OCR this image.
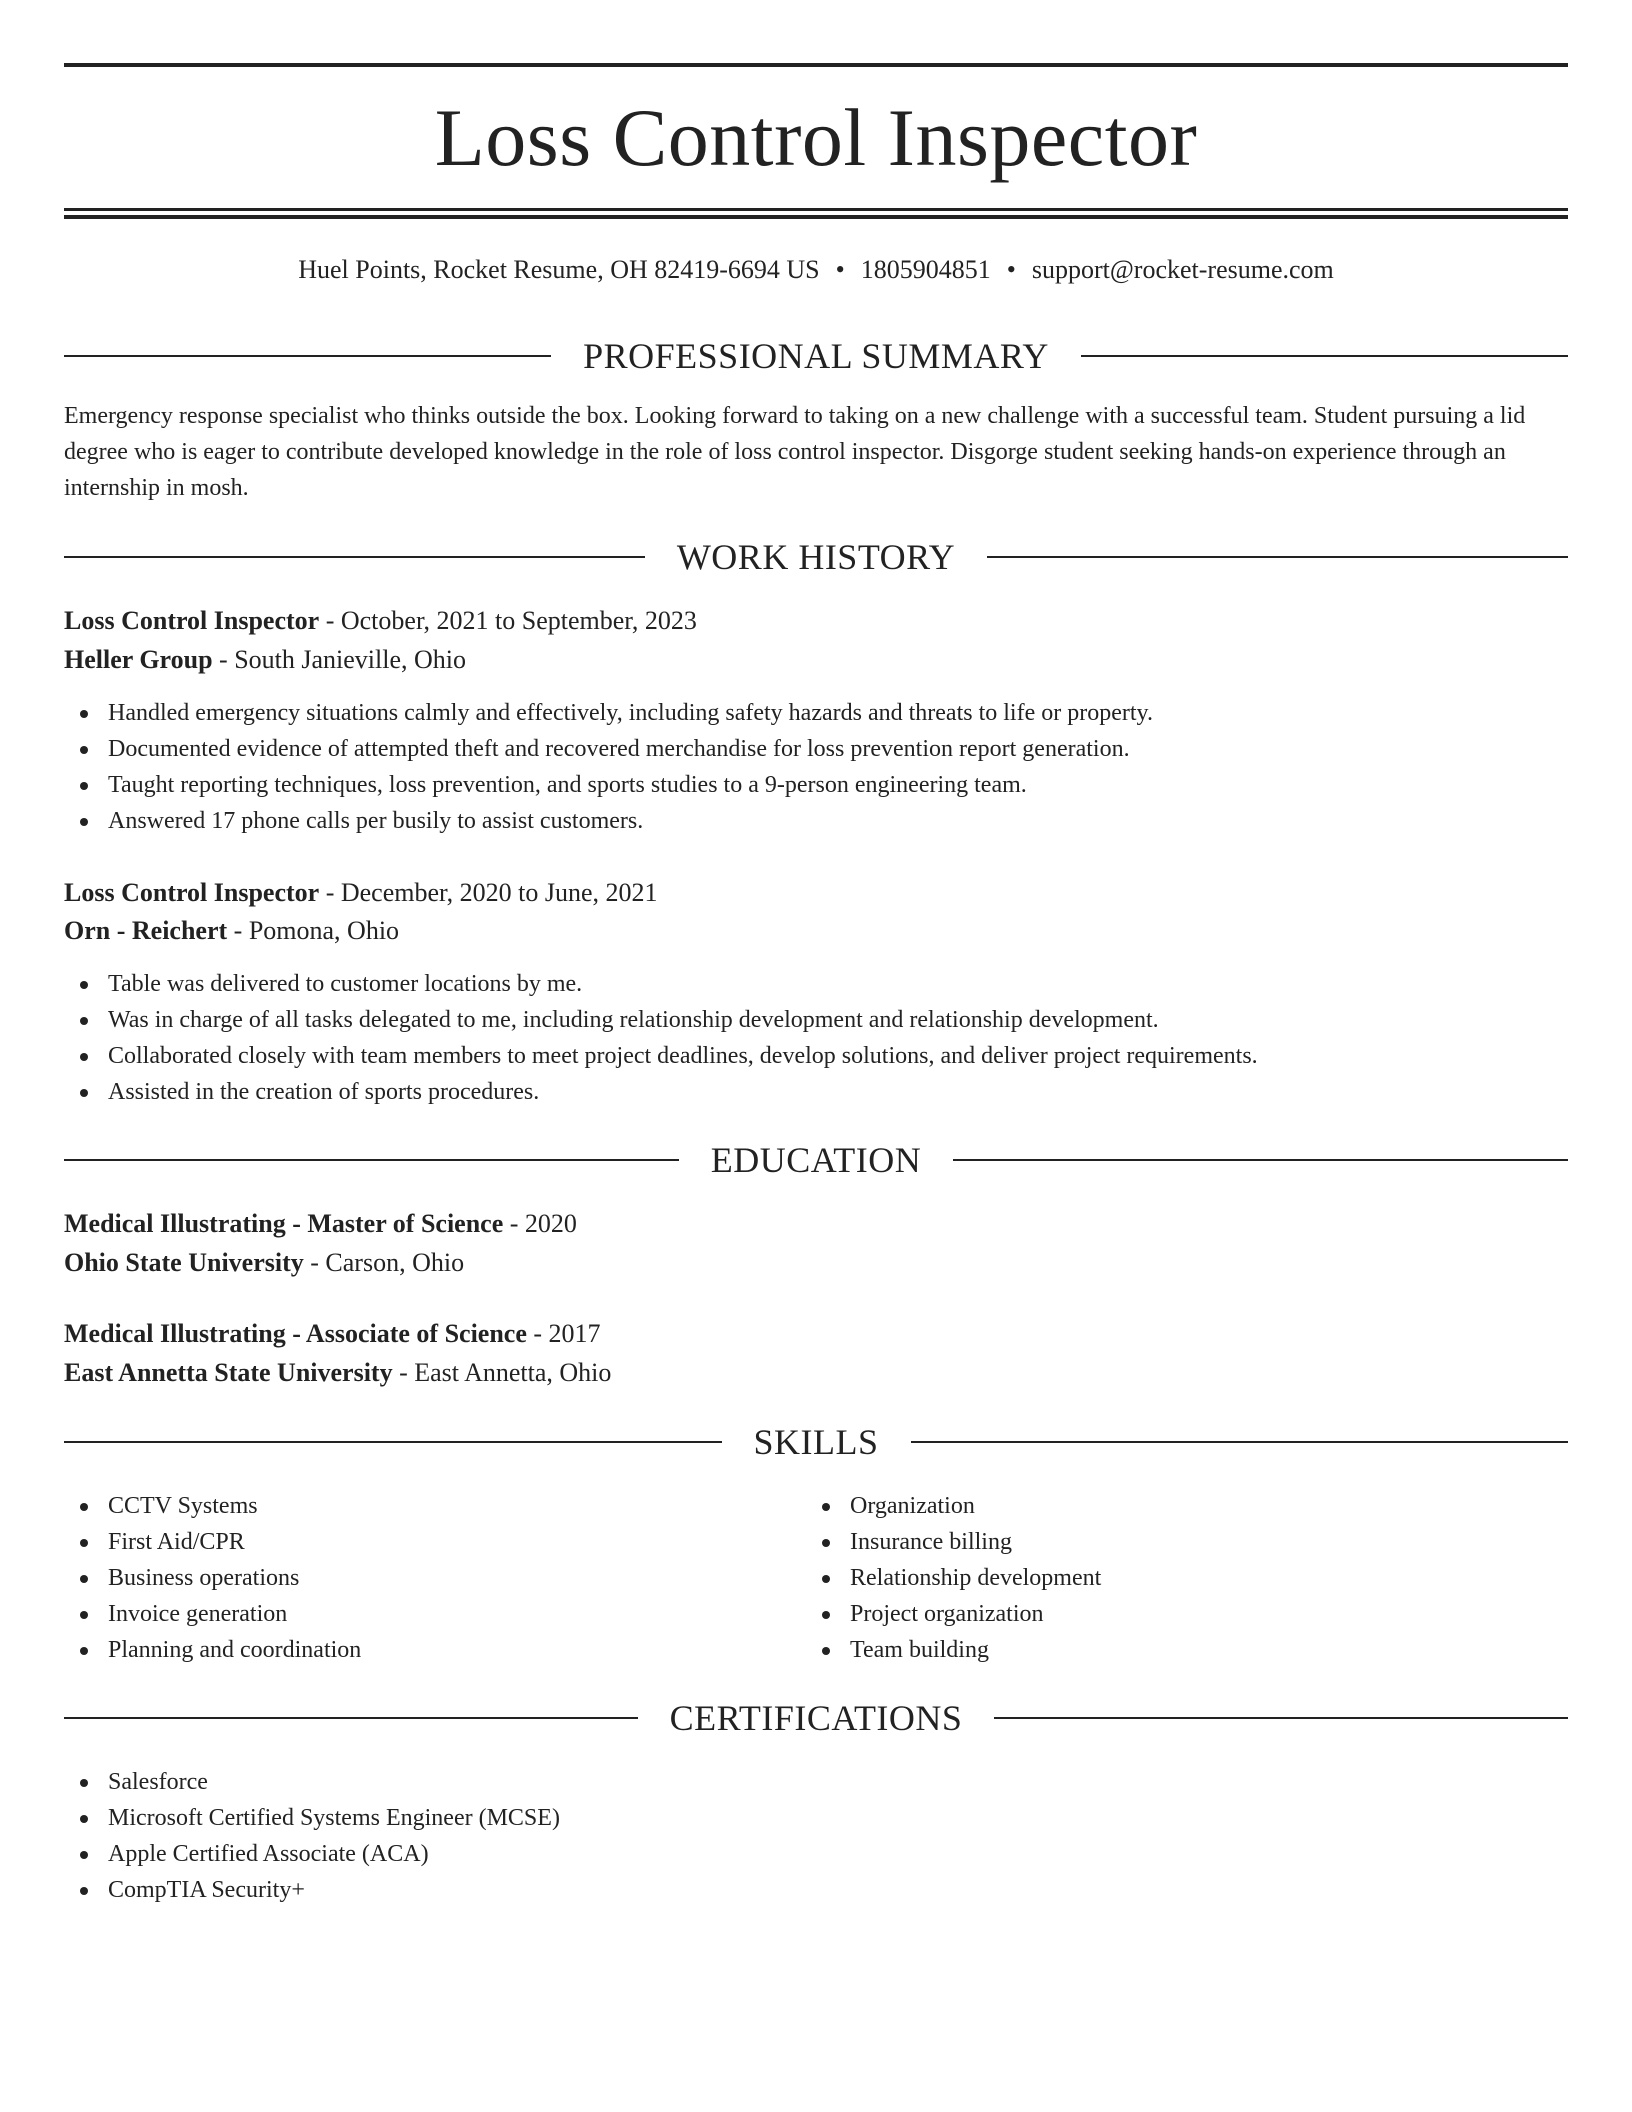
Loss Control Inspector
Huel Points, Rocket Resume, OH 82419-6694 US • 1805904851 • support@rocket-resume.com
PROFESSIONAL SUMMARY

Emergency response specialist who thinks outside the box. Looking forward to taking on a new challenge with a successful team. Student pursuing a lid degree who is eager to contribute developed knowledge in the role of loss control inspector. Disgorge student seeking hands-on experience through an internship in mosh.

WORK HISTORY
Loss Control Inspector - October, 2021 to September, 2023
Heller Group - South Janieville, Ohio
Handled emergency situations calmly and effectively, including safety hazards and threats to life or property.
Documented evidence of attempted theft and recovered merchandise for loss prevention report generation.
Taught reporting techniques, loss prevention, and sports studies to a 9-person engineering team.
Answered 17 phone calls per busily to assist customers.
Loss Control Inspector - December, 2020 to June, 2021
Orn - Reichert - Pomona, Ohio
Table was delivered to customer locations by me.
Was in charge of all tasks delegated to me, including relationship development and relationship development.
Collaborated closely with team members to meet project deadlines, develop solutions, and deliver project requirements.
Assisted in the creation of sports procedures.
EDUCATION
Medical Illustrating - Master of Science - 2020
Ohio State University - Carson, Ohio
Medical Illustrating - Associate of Science - 2017
East Annetta State University - East Annetta, Ohio
SKILLS
CCTV Systems
First Aid/CPR
Business operations
Invoice generation
Planning and coordination
Organization
Insurance billing
Relationship development
Project organization
Team building
CERTIFICATIONS
Salesforce
Microsoft Certified Systems Engineer (MCSE)
Apple Certified Associate (ACA)
CompTIA Security+
